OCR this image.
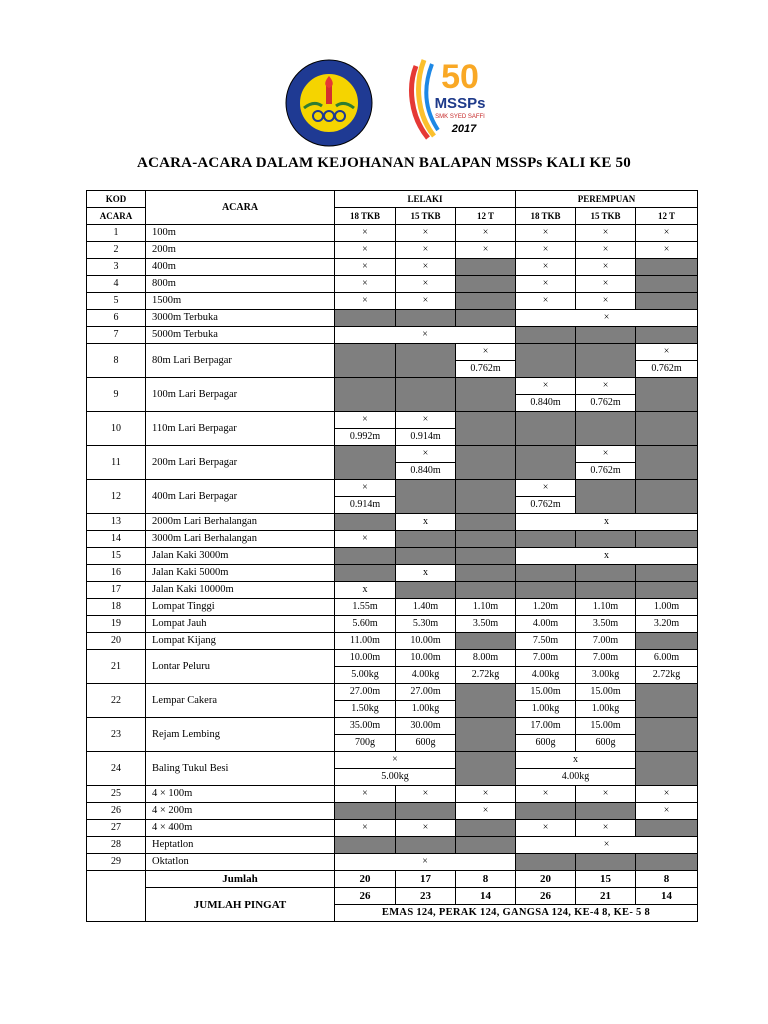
50
MSSPs
SMK SYED SAFFI
2017
ACARA-ACARA DALAM KEJOHANAN BALAPAN MSSPs KALI KE 50
KOD	ACARA	LELAKI			PEREMPUAN		
ACARA		18 TKB	15 TKB	12 T	18 TKB	15 TKB	12 T
1	100m	×	×	×	×	×	×
2	200m	×	×	×	×	×	×
3	400m	×	×		×	×	
4	800m	×	×		×	×	
5	1500m	×	×		×	×	
6	3000m Terbuka				×		
7	5000m Terbuka	×					
8	80m Lari Berpagar			×			×
				0.762m			0.762m
9	100m Lari Berpagar				×	×	
					0.840m	0.762m	
10	110m Lari Berpagar	×	×				
		0.992m	0.914m				
11	200m Lari Berpagar		×			×	
			0.840m			0.762m	
12	400m Lari Berpagar	×			×		
		0.914m			0.762m		
13	2000m Lari Berhalangan		x		x		
14	3000m Lari Berhalangan	×					
15	Jalan Kaki 3000m				x		
16	Jalan Kaki 5000m		x				
17	Jalan Kaki 10000m	x					
18	Lompat Tinggi	1.55m	1.40m	1.10m	1.20m	1.10m	1.00m
19	Lompat Jauh	5.60m	5.30m	3.50m	4.00m	3.50m	3.20m
20	Lompat Kijang	11.00m	10.00m		7.50m	7.00m	
21	Lontar Peluru	10.00m	10.00m	8.00m	7.00m	7.00m	6.00m
		5.00kg	4.00kg	2.72kg	4.00kg	3.00kg	2.72kg
22	Lempar Cakera	27.00m	27.00m		15.00m	15.00m	
		1.50kg	1.00kg		1.00kg	1.00kg	
23	Rejam Lembing	35.00m	30.00m		17.00m	15.00m	
		700g	600g		600g	600g	
24	Baling Tukul Besi	×			x		
		5.00kg			4.00kg		
25	4 × 100m	×	×	×	×	×	×
26	4 × 200m			×			×
27	4 × 400m	×	×		×	×	
28	Heptatlon				×		
29	Oktatlon	×					
	Jumlah	20	17	8	20	15	8
	JUMLAH PINGAT	26	23	14	26	21	14
		EMAS 124, PERAK 124, GANGSA 124, KE-4 8, KE- 5 8					
